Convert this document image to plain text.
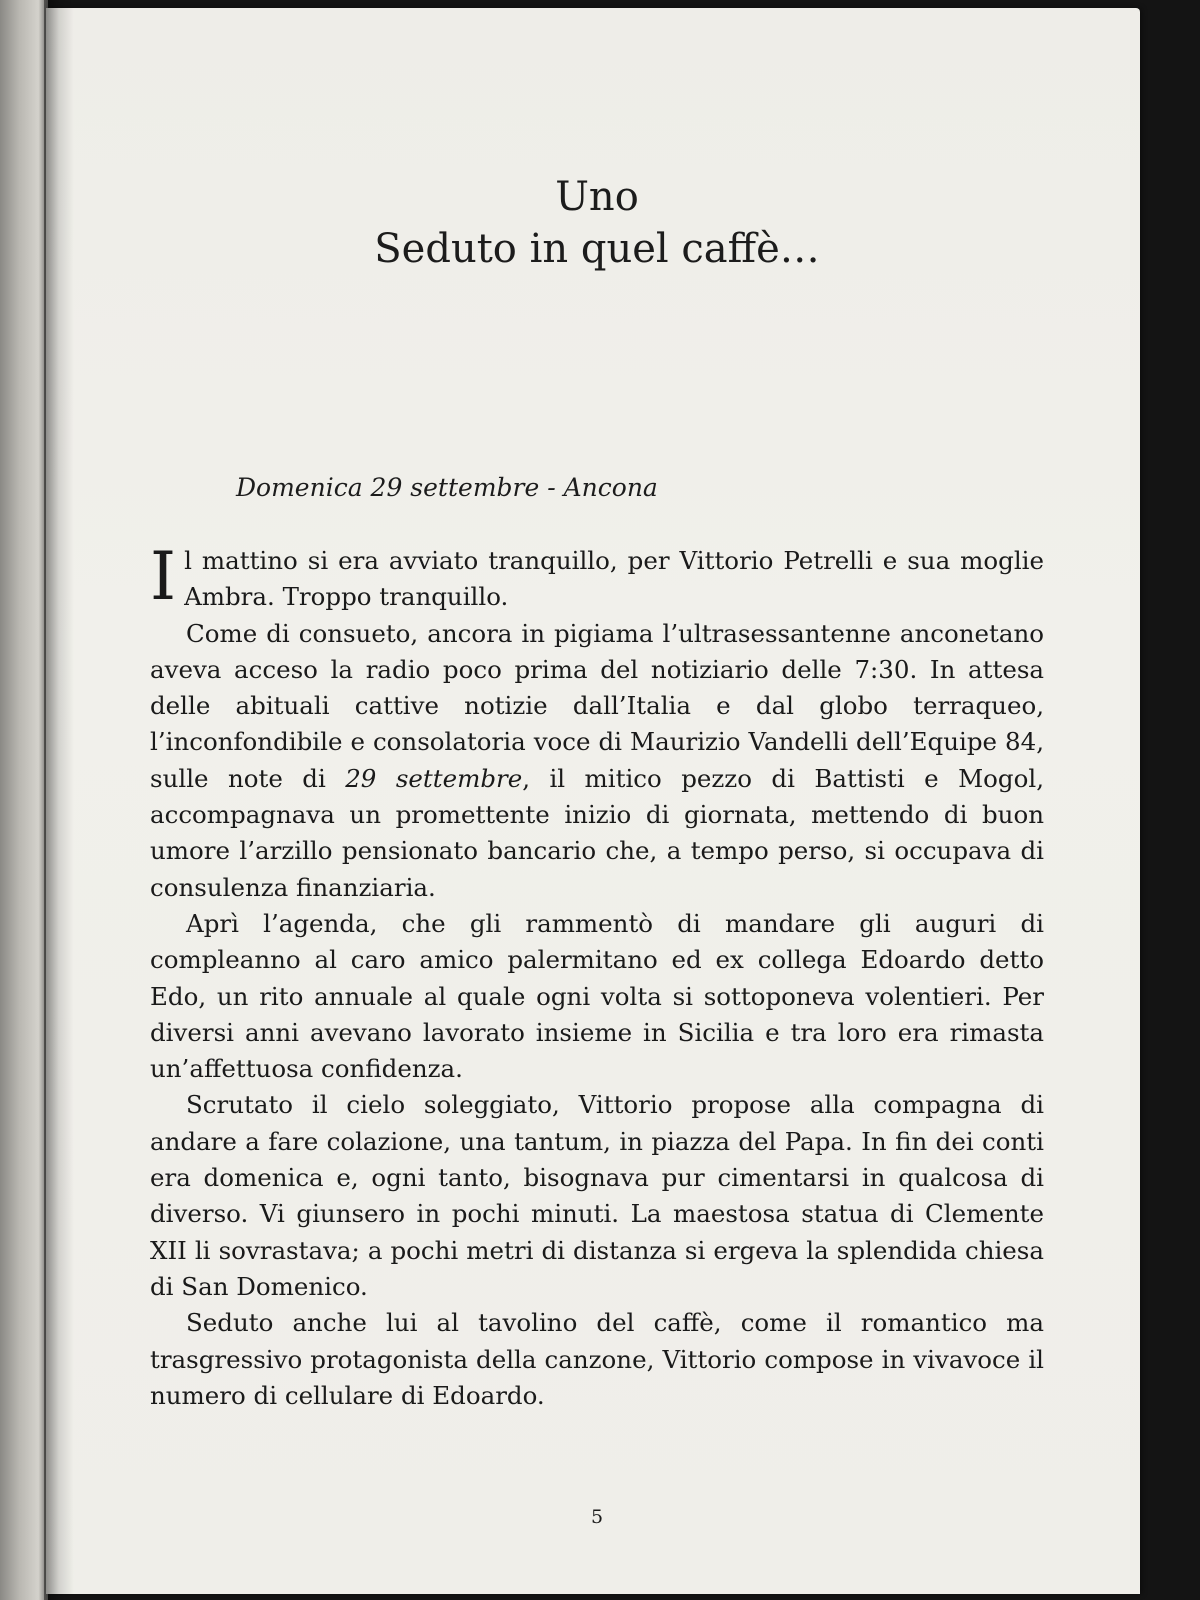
Uno
Seduto in quel caffè…
Domenica 29 settembre - Ancona

Il mattino si era avviato tranquillo, per Vittorio Petrelli e sua moglie Ambra. Troppo tranquillo.

Come di consueto, ancora in pigiama l’ultrasessantenne anconetano aveva acceso la radio poco prima del notiziario delle 7:30. In attesa delle abituali cattive notizie dall’Italia e dal globo terraqueo, l’inconfondibile e consolatoria voce di Maurizio Vandelli dell’Equipe 84, sulle note di 29 settembre, il mitico pezzo di Battisti e Mogol, accompagnava un promettente inizio di giornata, mettendo di buon umore l’arzillo pensionato bancario che, a tempo perso, si occupava di consulenza finanziaria.

Aprì l’agenda, che gli rammentò di mandare gli auguri di compleanno al caro amico palermitano ed ex collega Edoardo detto Edo, un rito annuale al quale ogni volta si sottoponeva volentieri. Per diversi anni avevano lavorato insieme in Sicilia e tra loro era rimasta un’affettuosa confidenza.

Scrutato il cielo soleggiato, Vittorio propose alla compagna di andare a fare colazione, una tantum, in piazza del Papa. In fin dei conti era domenica e, ogni tanto, bisognava pur cimentarsi in qualcosa di diverso. Vi giunsero in pochi minuti. La maestosa statua di Clemente XII li sovrastava; a pochi metri di distanza si ergeva la splendida chiesa di San Domenico.

Seduto anche lui al tavolino del caffè, come il romantico ma trasgressivo protagonista della canzone, Vittorio compose in vivavoce il numero di cellulare di Edoardo.

5
